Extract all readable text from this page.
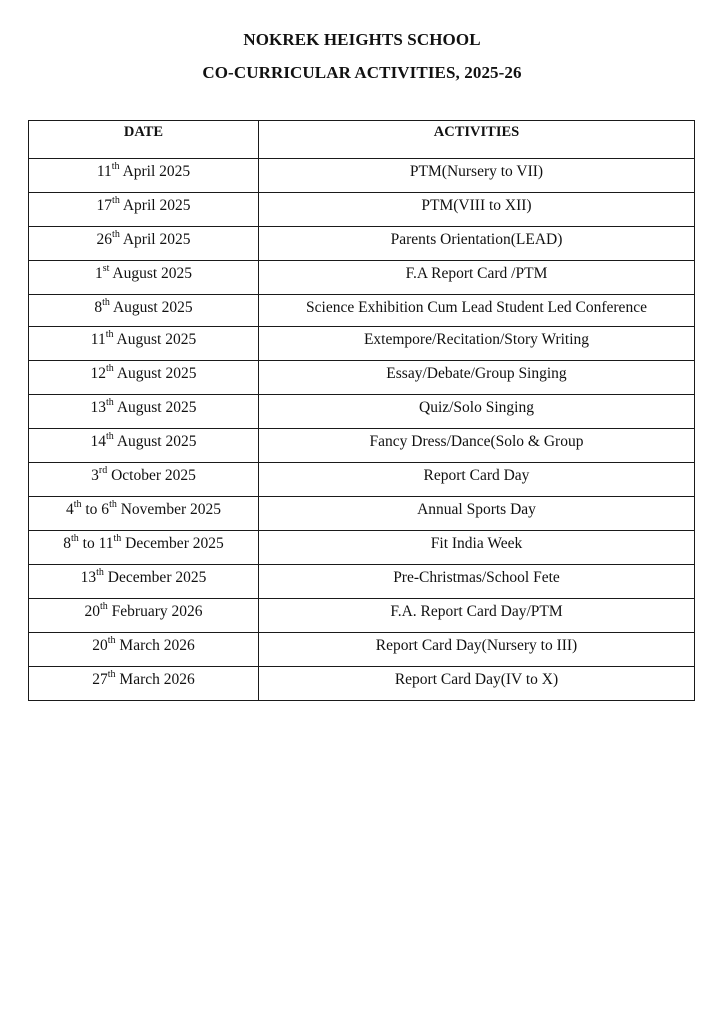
NOKREK HEIGHTS SCHOOL
CO-CURRICULAR ACTIVITIES, 2025-26
DATE	ACTIVITIES
11th April 2025	PTM(Nursery to VII)
17th April 2025	PTM(VIII to XII)
26th April 2025	Parents Orientation(LEAD)
1st August 2025	F.A Report Card /PTM
8th August 2025	Science Exhibition Cum Lead Student Led Conference
11th August 2025	Extempore/Recitation/Story Writing
12th August 2025	Essay/Debate/Group Singing
13th August 2025	Quiz/Solo Singing
14th August 2025	Fancy Dress/Dance(Solo & Group
3rd October 2025	Report Card Day
4th to 6th November 2025	Annual Sports Day
8th to 11th December 2025	Fit India Week
13th December 2025	Pre-Christmas/School Fete
20th February 2026	F.A. Report Card Day/PTM
20th March 2026	Report Card Day(Nursery to III)
27th March 2026	Report Card Day(IV to X)
